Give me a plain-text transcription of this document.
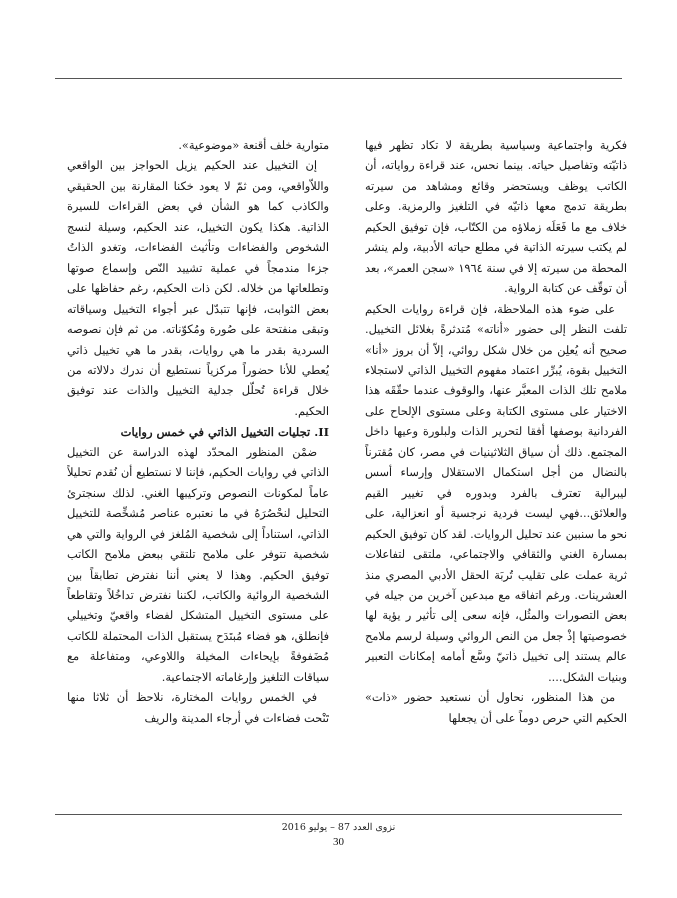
فكرية واجتماعية وسياسية بطريقة لا تكاد تظهر فيها ذاتيّته وتفاصيل حياته. بينما نحس، عند قراءة رواياته، أن الكاتب يوظف ويستحضر وقائع ومشاهد من سيرته بطريقة تدمج معها ذاتيّه في التلغيز والرمزية. وعلى خلاف مع ما فَعَلَه زملاؤه من الكتّاب، فإن توفيق الحكيم لم يكتب سيرته الذاتية في مطلع حياته الأدبية، ولم ينشر المحطة من سيرته إلا في سنة ١٩٦٤ «سجن العمر»، بعد أن توقّف عن كتابة الرواية.

على ضوء هذه الملاحظة، فإن قراءة روايات الحكيم تلفت النظر إلى حضور «أناته» مُتدثرةً بغلائل التخييل. صحيح أنه يُعلِن من خلال شكل روائي، إلاّ أن بروز «أنا» التخييل بقوة، يُبرِّر اعتماد مفهوم التخييل الذاتي لاستجلاء ملامح تلك الذات المعبَّر عنها، والوقوف عندما حقّقَه هذا الاختيار على مستوى الكتابة وعلى مستوى الإلحاح على الفردانية بوصفها أفقا لتحرير الذات ولبلورة وعيها داخل المجتمع. ذلك أن سياق الثلاثينيات في مصر، كان مُقترناً بالنضال من أجل استكمال الاستقلال وإرساء أسس ليبرالية تعترف بالفرد وبدوره في تغيير القيم والعلائق...فهي ليست فردية نرجسية أو انعزالية، على نحو ما سنبين عند تحليل الروايات. لقد كان توفيق الحكيم بمسارة الغني والثقافي والاجتماعي، ملتقى لتفاعلات ثرية عملت على تقليب تُربَة الحقل الأدبي المصري منذ العشرينات. ورغم اتفاقه مع مبدعين آخرين من جيله في بعض التصورات والمثُل، فإنه سعى إلى تأثير ر يؤية لها خصوصيتها إذْ جعل من النص الروائي وسيلة لرسم ملامح عالم يستند إلى تخييل ذاتيّ وسَّع أمامه إمكانات التعبير وبنيات الشكل....

من هذا المنظور، نحاول أن نستعيد حضور «ذات» الحكيم التي حرص دوماً على أن يجعلها

متوارية خلف أقنعة «موضوعية».

إن التخييل عند الحكيم يزيل الحواجز بين الواقعي واللاّواقعي، ومن ثمّ لا يعود خكنا المقارنة بين الحقيقي والكاذب كما هو الشأن في بعض القراءات للسيرة الذاتية. هكذا يكون التخييل، عند الحكيم، وسيلة لنسج الشخوص والفضاءات وتأثيث الفضاءات، وتغدو الذاتُ جزءا مندمجاً في عملية تشييد النّص وإسماع صوتها وتطلعاتها من خلاله. لكن ذات الحكيم، رغم حفاظها على بعض الثوابت، فإنها تتبدّل عبر أجواء التخييل وسياقاته وتبقى منفتحة على صُورة ومُكوّناته. من ثم فإن نصوصه السردية بقدر ما هي روايات، بقدر ما هي تخييل ذاتي يُعطي للأنا حضوراً مركزياً نستطيع أن ندرك دلالاته من خلال قراءة تُحلّل جدلية التخييل والذات عند توفيق الحكيم.

II. تجليات التخييل الذاتي في خمس روايات

ضمْن المنظور المحدّد لهذه الدراسة عن التخييل الذاتي في روايات الحكيم، فإننا لا نستطيع أن نُقدم تحليلاً عاماً لمكونات النصوص وتركيبها الغني. لذلك سنجترئ التحليل لنحْصُرَهُ في ما نعتبره عناصر مُشخِّصة للتخييل الذاتي، استناداً إلى شخصية المُلغز في الرواية والتي هي شخصية تتوفر على ملامح تلتقي ببعض ملامح الكاتب توفيق الحكيم. وهذا لا يعني أننا نفترض تطابقاً بين الشخصية الروائية والكاتب، لكننا نفترض تداخُلاً وتقاطعاً على مستوى التخييل المتشكل لفضاء واقعيّ وتخييلي فإنطلق، هو فضاء مُبتَدَح يستقبل الذات المحتملة للكاتب مُضَفوفةً بإيحاءات المخيلة واللاوعي، ومتفاعلة مع سياقات التلغيز وإرغاماته الاجتماعية.

في الخمس روايات المختارة، نلاحظ أن ثلاثا منها تَنْحت فضاءات في أرجاء المدينة والريف

نزوى العدد 87 – يوليو 2016
30
